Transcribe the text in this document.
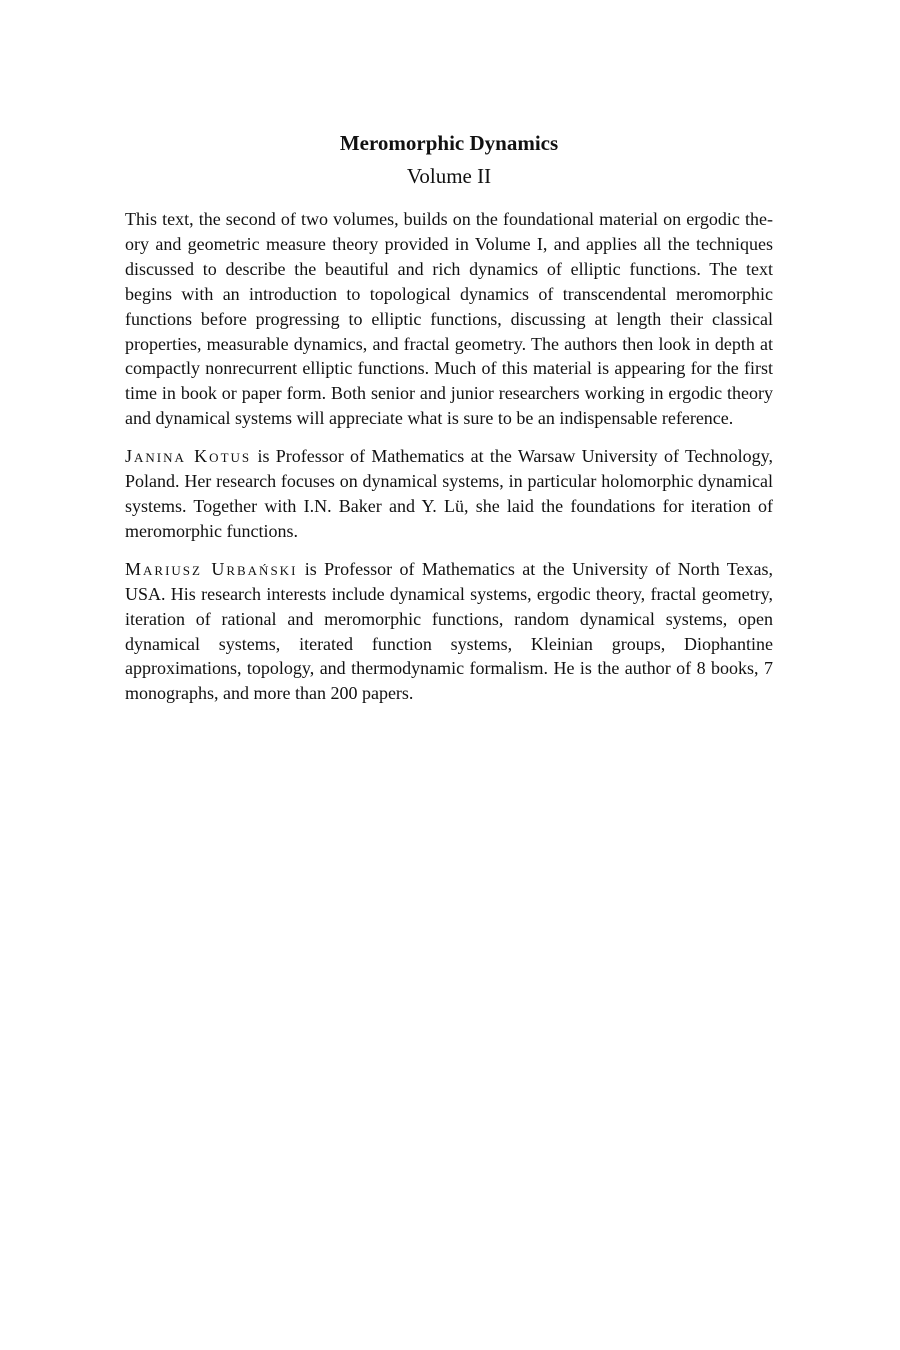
Meromorphic Dynamics
Volume II

This text, the second of two volumes, builds on the foundational material on ergodic theory and geometric measure theory provided in Volume I, and applies all the techniques discussed to describe the beautiful and rich dynamics of elliptic functions. The text begins with an introduction to topological dynamics of transcendental meromorphic functions before progressing to elliptic functions, discussing at length their classical properties, measurable dynamics, and fractal geometry. The authors then look in depth at compactly nonrecurrent elliptic functions. Much of this material is appearing for the first time in book or paper form. Both senior and junior researchers working in ergodic theory and dynamical systems will appreciate what is sure to be an indispensable reference.

Janina Kotus is Professor of Mathematics at the Warsaw University of Technology, Poland. Her research focuses on dynamical systems, in particular holomorphic dynamical systems. Together with I.N. Baker and Y. Lü, she laid the foundations for iteration of meromorphic functions.

Mariusz Urbański is Professor of Mathematics at the University of North Texas, USA. His research interests include dynamical systems, ergodic theory, fractal geometry, iteration of rational and meromorphic functions, random dynamical systems, open dynamical systems, iterated function systems, Kleinian groups, Diophantine approximations, topology, and thermodynamic formalism. He is the author of 8 books, 7 monographs, and more than 200 papers.
